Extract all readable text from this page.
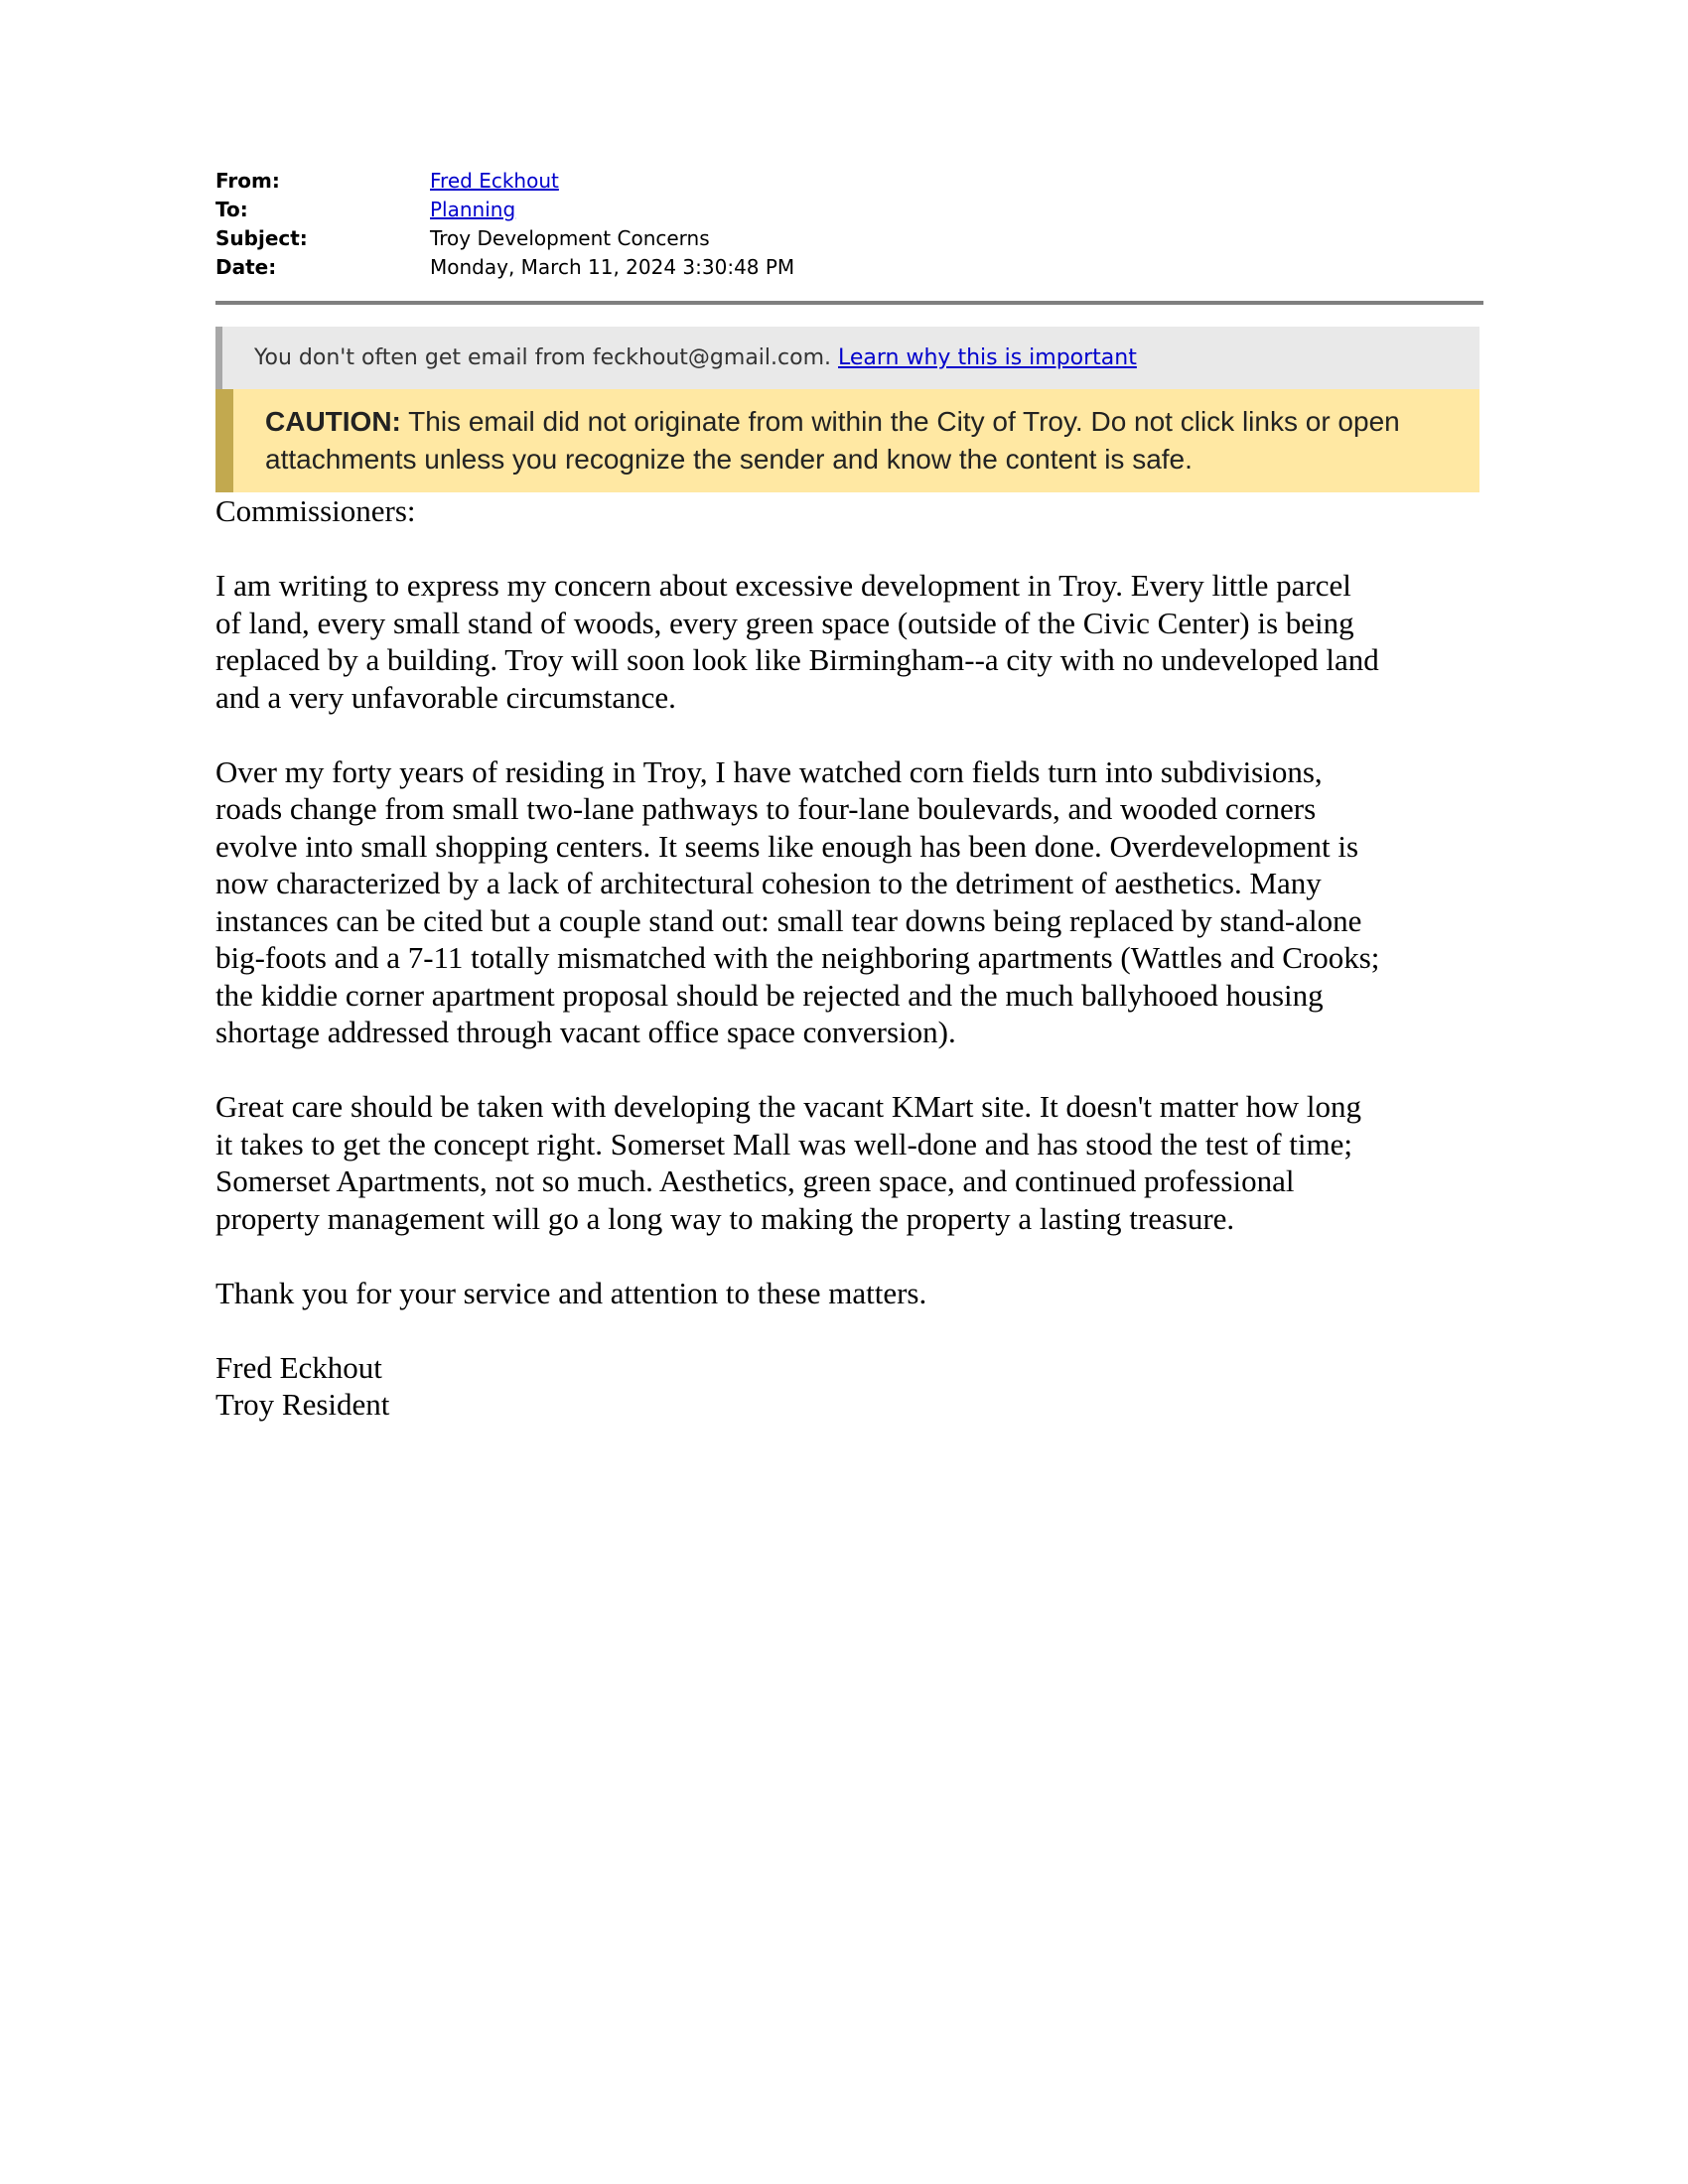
From:	Fred Eckhout
To:	Planning
Subject:	Troy Development Concerns
Date:	Monday, March 11, 2024 3:30:48 PM
You don't often get email from feckhout@gmail.com. Learn why this is important
CAUTION: This email did not originate from within the City of Troy. Do not click links or open attachments unless you recognize the sender and know the content is safe.

Commissioners:

I am writing to express my concern about excessive development in Troy. Every little parcel
of land, every small stand of woods, every green space (outside of the Civic Center) is being
replaced by a building. Troy will soon look like Birmingham--a city with no undeveloped land
and a very unfavorable circumstance.

Over my forty years of residing in Troy, I have watched corn fields turn into subdivisions,
roads change from small two-lane pathways to four-lane boulevards, and wooded corners
evolve into small shopping centers. It seems like enough has been done. Overdevelopment is
now characterized by a lack of architectural cohesion to the detriment of aesthetics. Many
instances can be cited but a couple stand out: small tear downs being replaced by stand-alone
big-foots and a 7-11 totally mismatched with the neighboring apartments (Wattles and Crooks;
the kiddie corner apartment proposal should be rejected and the much ballyhooed housing
shortage addressed through vacant office space conversion).

Great care should be taken with developing the vacant KMart site. It doesn't matter how long
it takes to get the concept right. Somerset Mall was well-done and has stood the test of time;
Somerset Apartments, not so much. Aesthetics, green space, and continued professional
property management will go a long way to making the property a lasting treasure.

Thank you for your service and attention to these matters.

Fred Eckhout

Troy Resident
